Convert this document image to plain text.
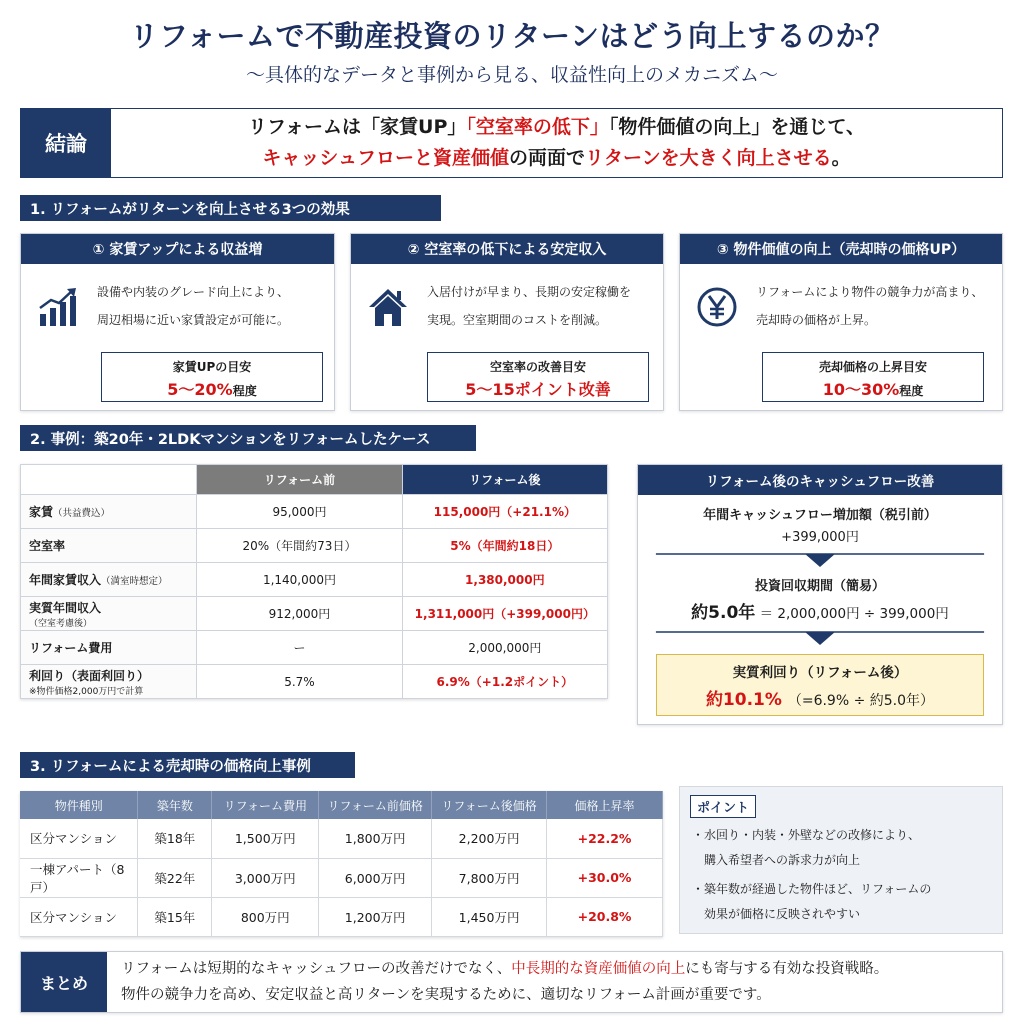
リフォームで不動産投資のリターンはどう向上するのか？
〜具体的なデータと事例から見る、収益性向上のメカニズム〜
結論
リフォームは「家賃UP」「空室率の低下」「物件価値の向上」を通じて、
キャッシュフローと資産価値の両面でリターンを大きく向上させる。
1. リフォームがリターンを向上させる3つの効果
① 家賃アップによる収益増
設備や内装のグレード向上により、
周辺相場に近い家賃設定が可能に。
家賃UPの目安
5〜20%程度
② 空室率の低下による安定収入
入居付けが早まり、長期の安定稼働を
実現。空室期間のコストを削減。
空室率の改善目安
5〜15ポイント改善
③ 物件価値の向上（売却時の価格UP）
リフォームにより物件の競争力が高まり、
売却時の価格が上昇。
売却価格の上昇目安
10〜30%程度
2. 事例：築20年・2LDKマンションをリフォームしたケース
	リフォーム前	リフォーム後
家賃（共益費込）	95,000円	115,000円（+21.1%）
空室率	20%（年間約73日）	5%（年間約18日）
年間家賃収入（満室時想定）	1,140,000円	1,380,000円
実質年間収入
（空室考慮後）	912,000円	1,311,000円（+399,000円）
リフォーム費用	ー	2,000,000円
利回り（表面利回り）
※物件価格2,000万円で計算	5.7%	6.9%（+1.2ポイント）
リフォーム後のキャッシュフロー改善
年間キャッシュフロー増加額（税引前）
+399,000円
投資回収期間（簡易）
約5.0年 ＝ 2,000,000円 ÷ 399,000円
実質利回り（リフォーム後）
約10.1% （=6.9% ÷ 約5.0年）
3. リフォームによる売却時の価格向上事例
物件種別	築年数	リフォーム費用	リフォーム前価格	リフォーム後価格	価格上昇率
区分マンション	築18年	1,500万円	1,800万円	2,200万円	+22.2%
一棟アパート（8戸）	築22年	3,000万円	6,000万円	7,800万円	+30.0%
区分マンション	築15年	800万円	1,200万円	1,450万円	+20.8%
ポイント
・水回り・内装・外壁などの改修により、
購入希望者への訴求力が向上
・築年数が経過した物件ほど、リフォームの
効果が価格に反映されやすい
まとめ
リフォームは短期的なキャッシュフローの改善だけでなく、中長期的な資産価値の向上にも寄与する有効な投資戦略。
物件の競争力を高め、安定収益と高リターンを実現するために、適切なリフォーム計画が重要です。
